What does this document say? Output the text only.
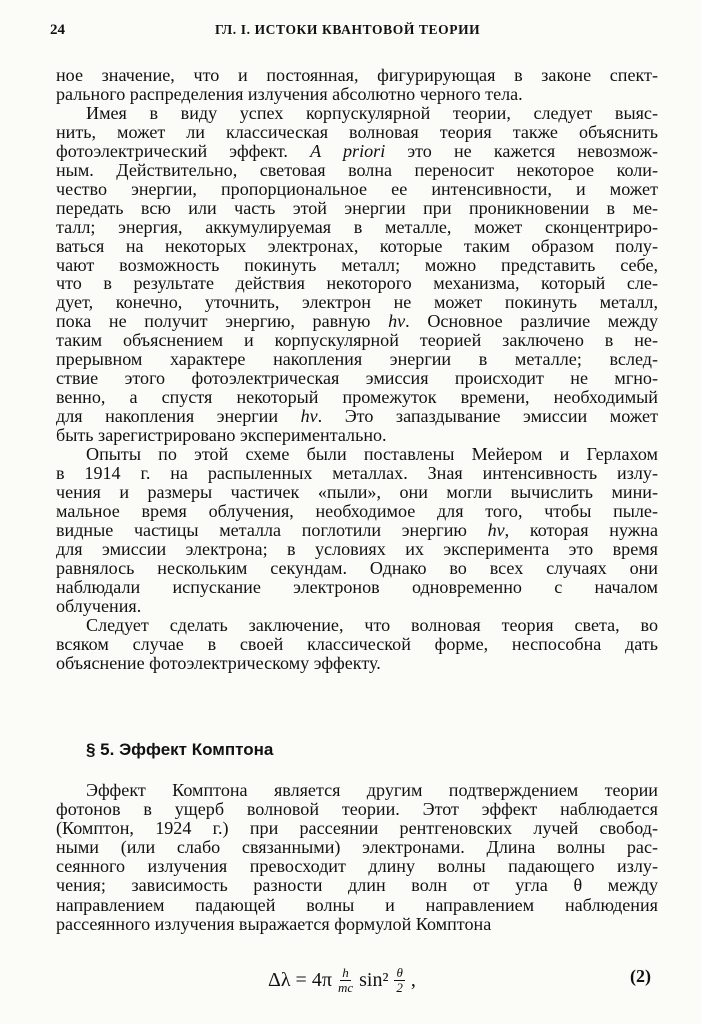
24	ГЛ. I. ИСТОКИ КВАНТОВОЙ ТЕОРИИ
ное значение, что и постоянная, фигурирующая в законе спект-
рального распределения излучения абсолютно черного тела.
Имея в виду успех корпускулярной теории, следует выяс-
нить, может ли классическая волновая теория также объяснить
фотоэлектрический эффект. A priori это не кажется невозмож-
ным. Действительно, световая волна переносит некоторое коли-
чество энергии, пропорциональное ее интенсивности, и может
передать всю или часть этой энергии при проникновении в ме-
талл; энергия, аккумулируемая в металле, может сконцентриро-
ваться на некоторых электронах, которые таким образом полу-
чают возможность покинуть металл; можно представить себе,
что в результате действия некоторого механизма, который сле-
дует, конечно, уточнить, электрон не может покинуть металл,
пока не получит энергию, равную hν. Основное различие между
таким объяснением и корпускулярной теорией заключено в не-
прерывном характере накопления энергии в металле; вслед-
ствие этого фотоэлектрическая эмиссия происходит не мгно-
венно, а спустя некоторый промежуток времени, необходимый
для накопления энергии hν. Это запаздывание эмиссии может
быть зарегистрировано экспериментально.
Опыты по этой схеме были поставлены Мейером и Герлахом
в 1914 г. на распыленных металлах. Зная интенсивность излу-
чения и размеры частичек «пыли», они могли вычислить мини-
мальное время облучения, необходимое для того, чтобы пыле-
видные частицы металла поглотили энергию hν, которая нужна
для эмиссии электрона; в условиях их эксперимента это время
равнялось нескольким секундам. Однако во всех случаях они
наблюдали испускание электронов одновременно с началом
облучения.
Следует сделать заключение, что волновая теория света, во
всяком случае в своей классической форме, неспособна дать
объяснение фотоэлектрическому эффекту.
§ 5. Эффект Комптона
Эффект Комптона является другим подтверждением теории
фотонов в ущерб волновой теории. Этот эффект наблюдается
(Комптон, 1924 г.) при рассеянии рентгеновских лучей свобод-
ными (или слабо связанными) электронами. Длина волны рас-
сеянного излучения превосходит длину волны падающего излу-
чения; зависимость разности длин волн от угла θ между
направлением падающей волны и направлением наблюдения
рассеянного излучения выражается формулой Комптона
$\Delta\lambda = 4\pi \frac{h}{mc} \sin^2 \frac{\theta}{2}$ ,	(2)
